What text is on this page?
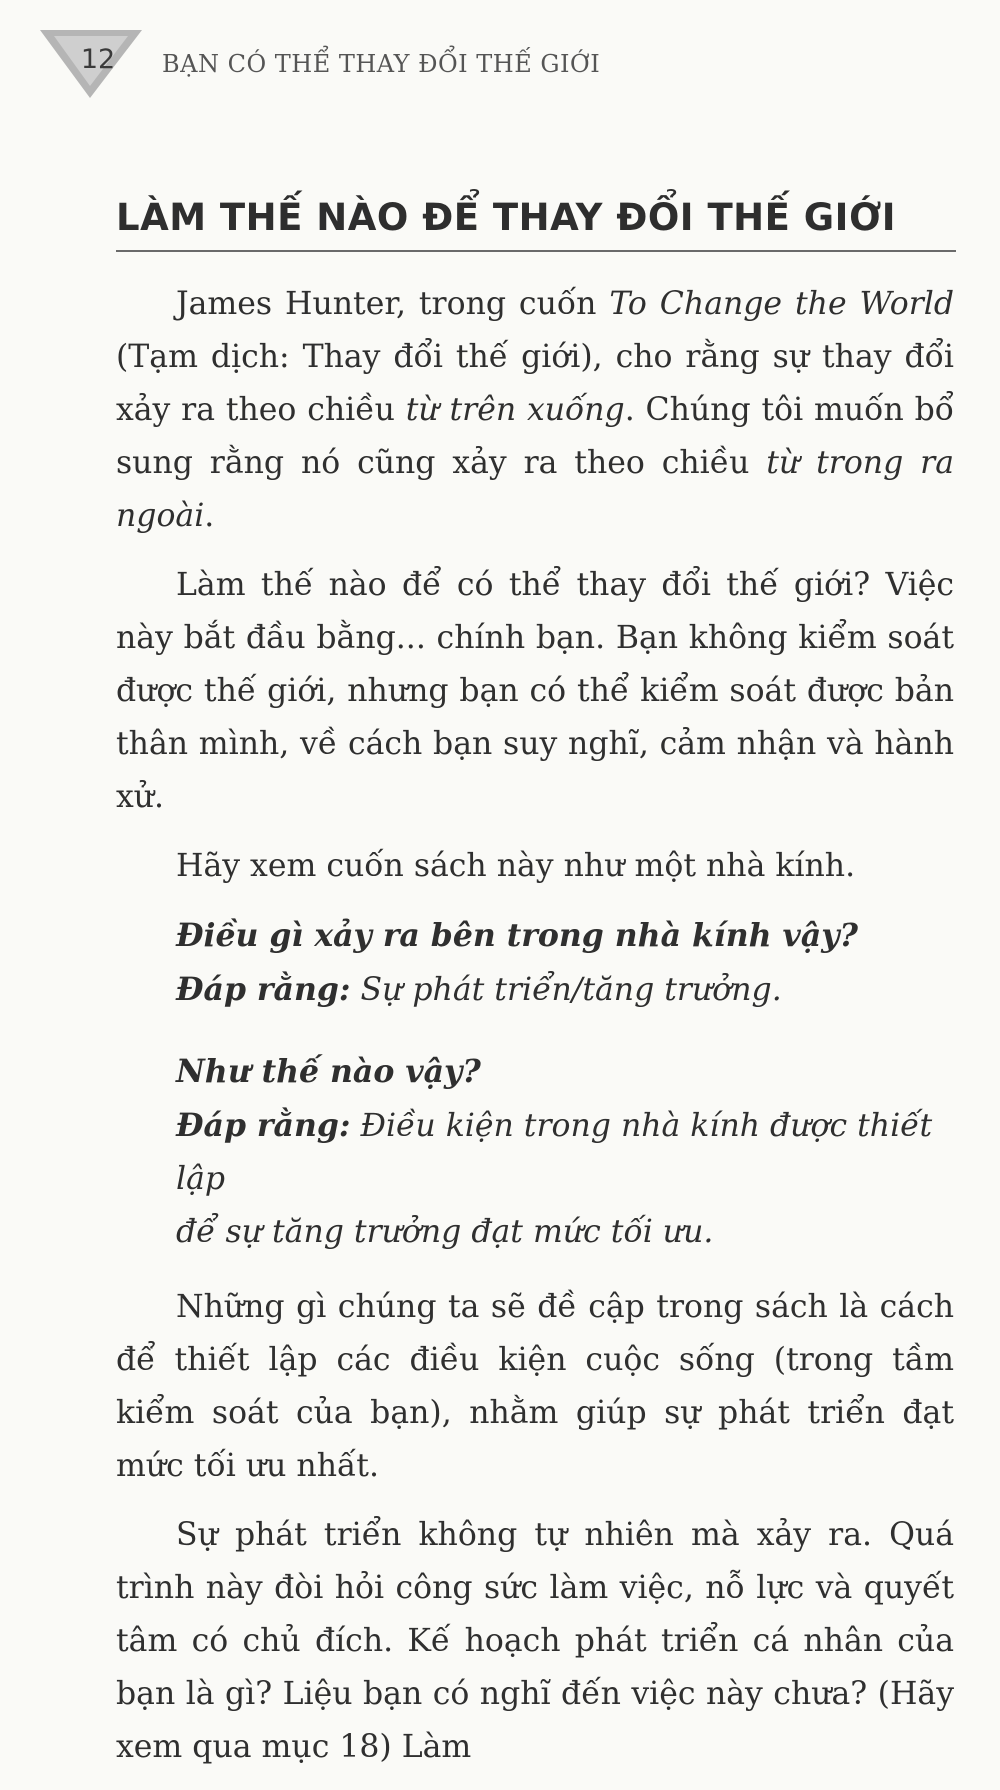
12	BẠN CÓ THỂ THAY ĐỔI THẾ GIỚI
LÀM THẾ NÀO ĐỂ THAY ĐỔI THẾ GIỚI

James Hunter, trong cuốn To Change the World (Tạm dịch: Thay đổi thế giới), cho rằng sự thay đổi xảy ra theo chiều từ trên xuống. Chúng tôi muốn bổ sung rằng nó cũng xảy ra theo chiều từ trong ra ngoài.

Làm thế nào để có thể thay đổi thế giới? Việc này bắt đầu bằng... chính bạn. Bạn không kiểm soát được thế giới, nhưng bạn có thể kiểm soát được bản thân mình, về cách bạn suy nghĩ, cảm nhận và hành xử.

Hãy xem cuốn sách này như một nhà kính.

Điều gì xảy ra bên trong nhà kính vậy?

Đáp rằng: Sự phát triển/tăng trưởng.

Như thế nào vậy?

Đáp rằng: Điều kiện trong nhà kính được thiết lập

để sự tăng trưởng đạt mức tối ưu.

Những gì chúng ta sẽ đề cập trong sách là cách để thiết lập các điều kiện cuộc sống (trong tầm kiểm soát của bạn), nhằm giúp sự phát triển đạt mức tối ưu nhất.

Sự phát triển không tự nhiên mà xảy ra. Quá trình này đòi hỏi công sức làm việc, nỗ lực và quyết tâm có chủ đích. Kế hoạch phát triển cá nhân của bạn là gì? Liệu bạn có nghĩ đến việc này chưa? (Hãy xem qua mục 18) Làm
